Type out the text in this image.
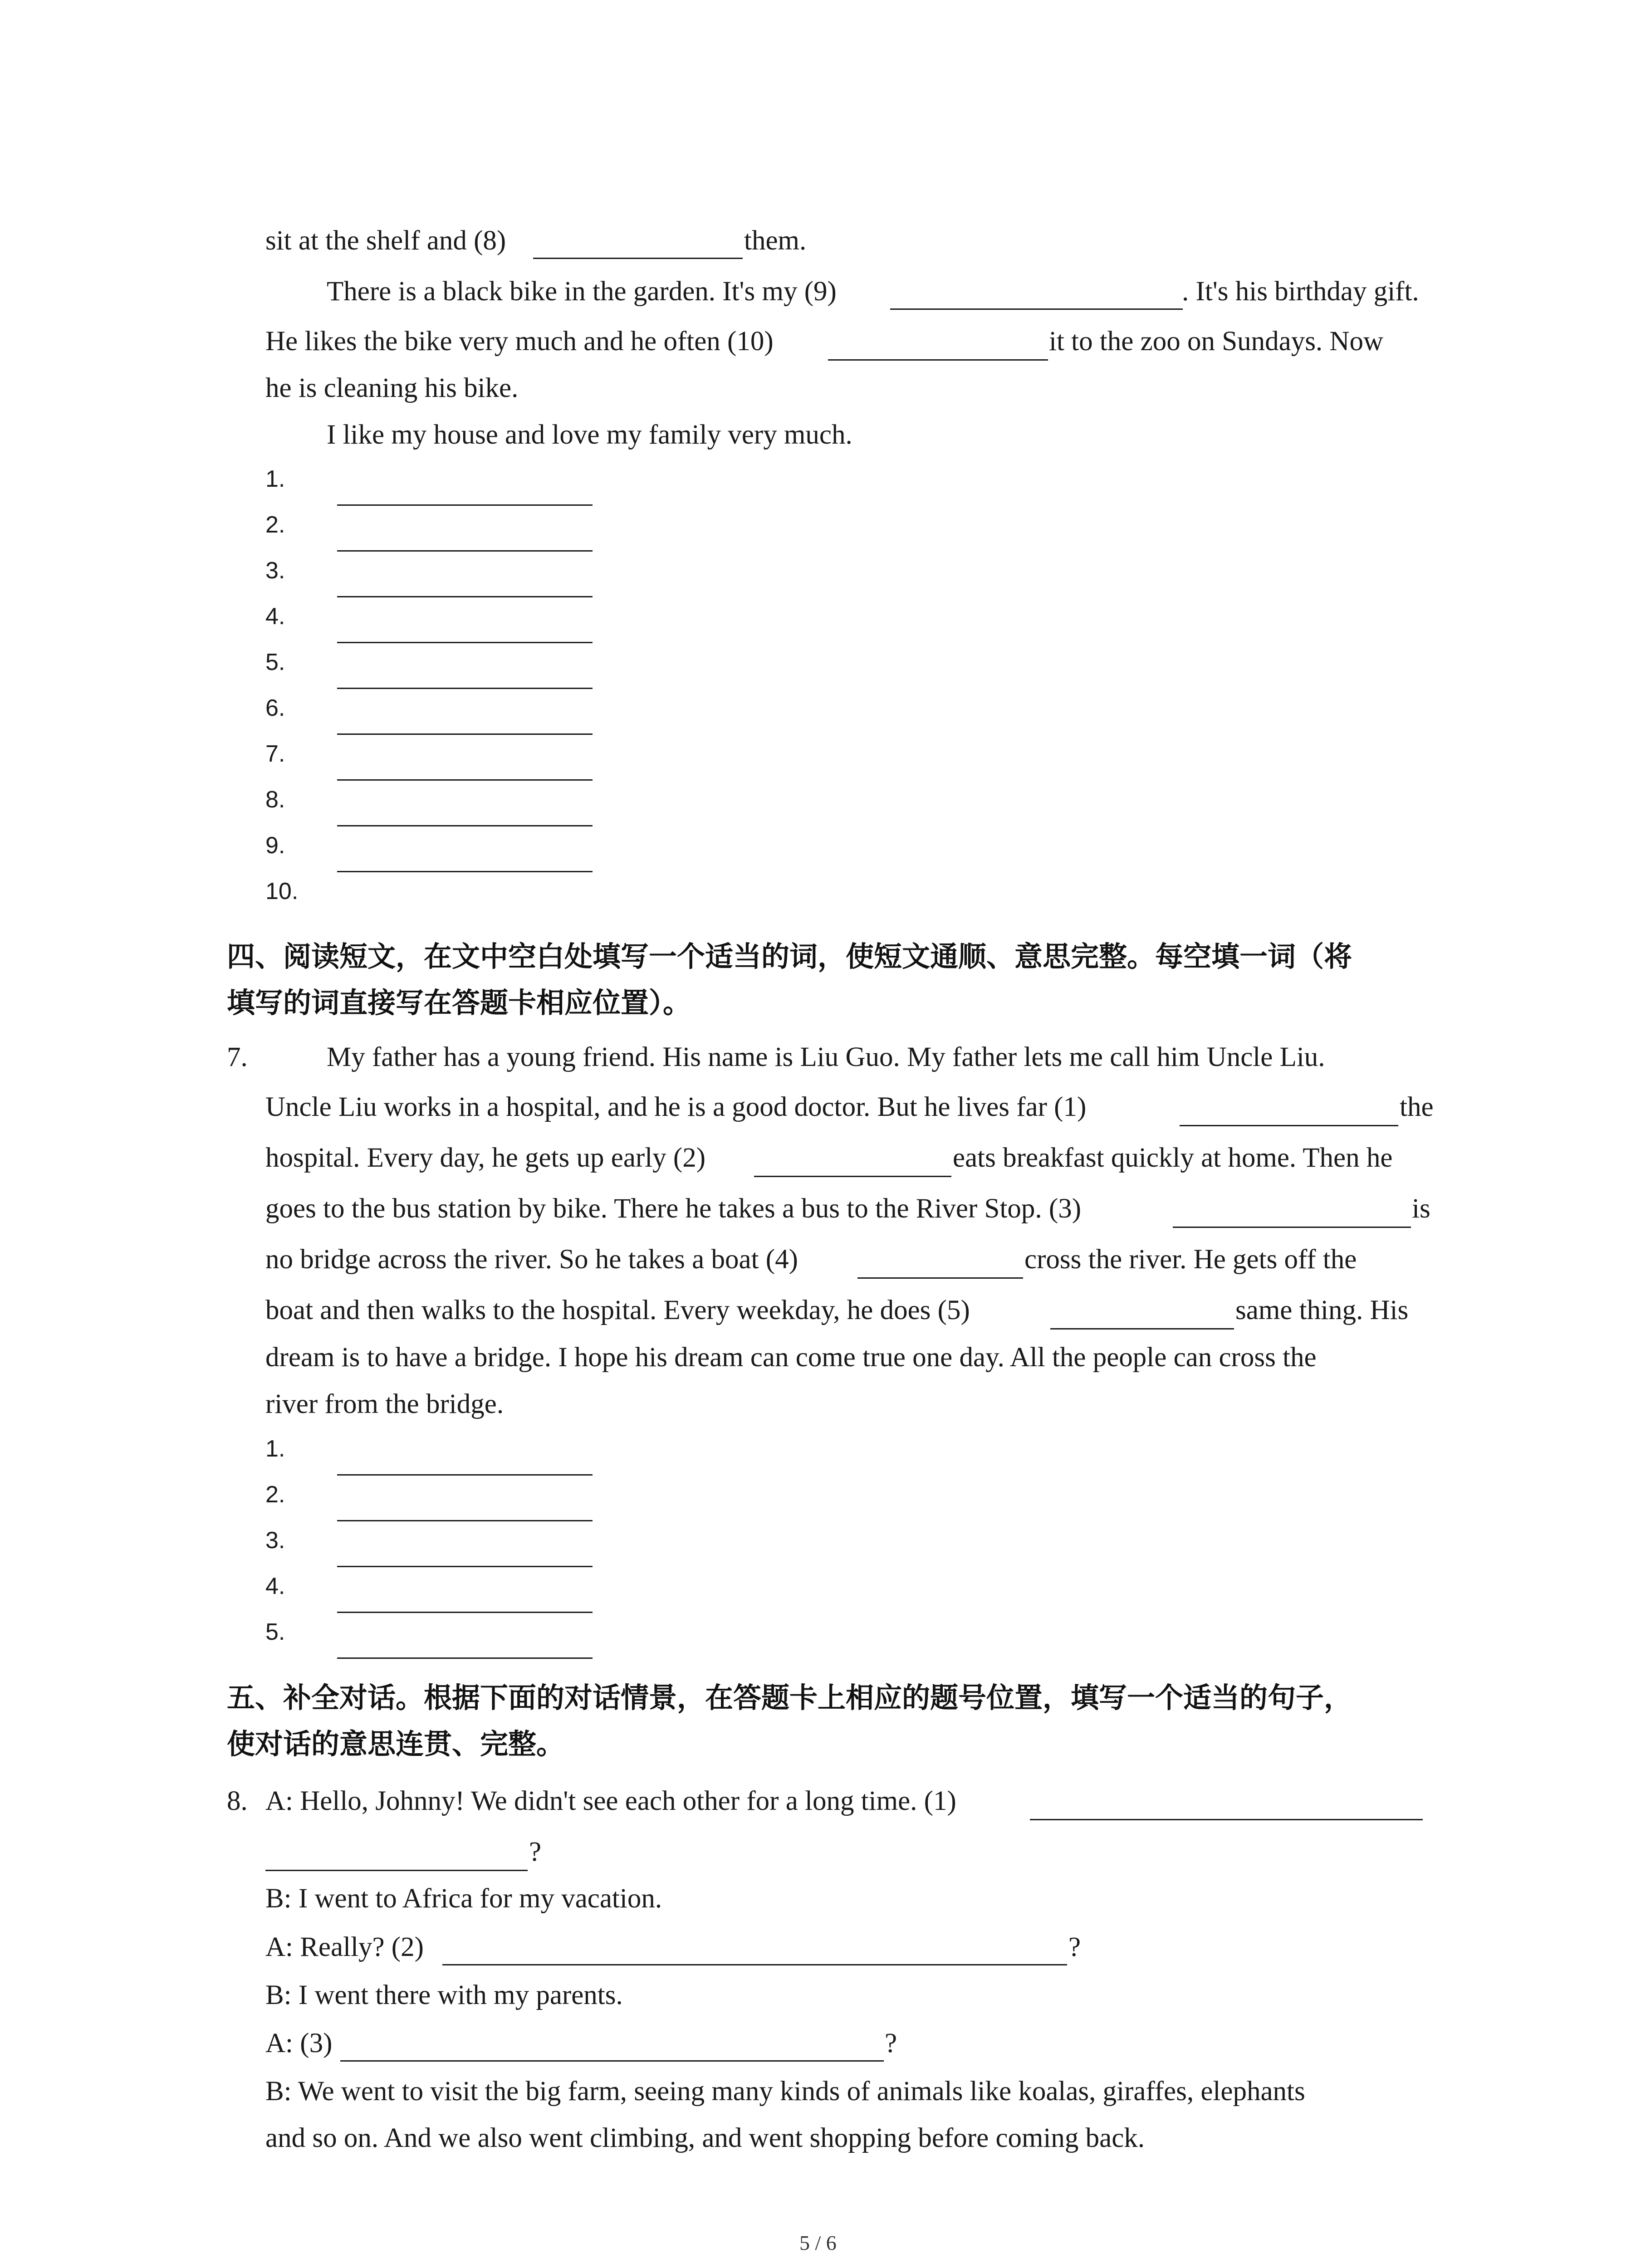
sit at the shelf and (8)	them.
There is a black bike in the garden. It's my (9)	. It's his birthday gift.
He likes the bike very much and he often (10)	it to the zoo on Sundays. Now
he is cleaning his bike.
I like my house and love my family very much.
1.
2.
3.
4.
5.
6.
7.
8.
9.
10.
四、阅读短文，在文中空白处填写一个适当的词，使短文通顺、意思完整。每空填一词（将
填写的词直接写在答题卡相应位置）。
7.	My father has a young friend. His name is Liu Guo. My father lets me call him Uncle Liu.
Uncle Liu works in a hospital, and he is a good doctor. But he lives far (1)	the
hospital. Every day, he gets up early (2)	eats breakfast quickly at home. Then he
goes to the bus station by bike. There he takes a bus to the River Stop. (3)	is
no bridge across the river. So he takes a boat (4)	cross the river. He gets off the
boat and then walks to the hospital. Every weekday, he does (5)	same thing. His
dream is to have a bridge. I hope his dream can come true one day. All the people can cross the
river from the bridge.
1.
2.
3.
4.
5.
五、补全对话。根据下面的对话情景，在答题卡上相应的题号位置，填写一个适当的句子，
使对话的意思连贯、完整。
8. A: Hello, Johnny! We didn't see each other for a long time. (1)
?
B: I went to Africa for my vacation.
A: Really? (2)	?
B: I went there with my parents.
A: (3)	?
B: We went to visit the big farm, seeing many kinds of animals like koalas, giraffes, elephants
and so on. And we also went climbing, and went shopping before coming back.
5 / 6
